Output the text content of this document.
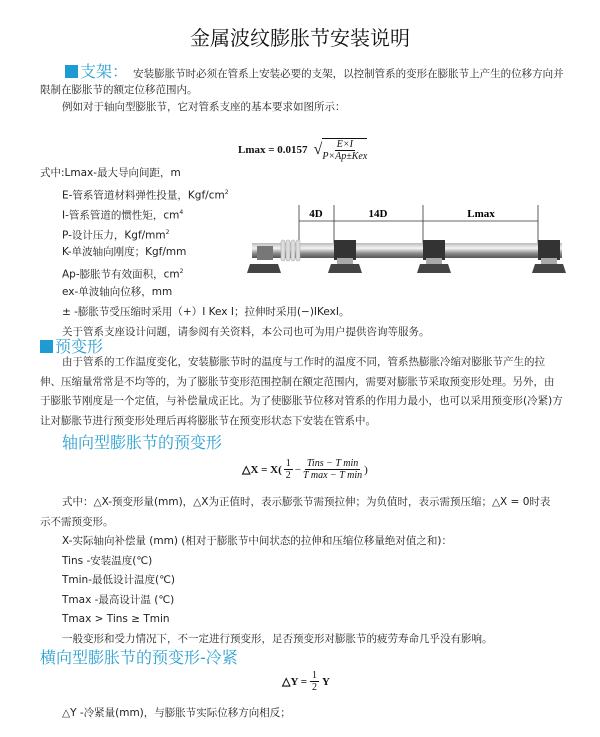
金属波纹膨胀节安装说明
支架： 安装膨胀节时必须在管系上安装必要的支架，以控制管系的变形在膨胀节上产生的位移方向并
限制在膨胀节的额定位移范围内。
例如对于轴向型膨胀节，它对管系支座的基本要求如图所示：
Lmax = 0.0157 √ $\frac{E\times I}{\text{P×Ap±Kex}}$
式中:Lmax-最大导向间距，m
E-管系管道材料弹性投量，Kgf/$cm^2$
I-管系管道的惯性矩，$cm^4$
P-设计压力，Kgf/$mm^2$
K-单波轴向刚度；Kgf/mm
Ap-膨胀节有效面积，$cm^2$
ex-单波轴向位移，mm
± -膨胀节受压缩时采用（+）I Kex I；拉伸时采用(−)IKexI。
关于管系支座设计问题，请参阅有关资料，本公司也可为用户提供咨询等服务。
4D	14D	Lmax
预变形
由于管系的工作温度变化，安装膨胀节时的温度与工作时的温度不同，管系热膨胀冷缩对膨胀节产生的拉
伸、压缩量常常是不均等的，为了膨胀节变形范围控制在额定范围内，需要对膨胀节采取预变形处理。另外，由
于膨胀节刚度是一个定值，与补偿量成正比。为了使膨胀节位移对管系的作用力最小，也可以采用预变形(冷紧)方
让对膨胀节进行预变形处理后再将膨胀节在预变形状态下安装在管系中。
轴向型膨胀节的预变形
△X = $X( \frac{1}{2} - \frac{\text{Tins − T min}}{\text{T max − T min}}$ )
式中：△X-预变形量(mm)，△X为正值时，表示膨张节需预拉伸；为负值时，表示需预压缩；△X = 0时表
示不需预变形。
X-实际轴向补偿量 (mm) (相对于膨胀节中间状态的拉伸和压缩位移量绝对值之和)：
Tins -安装温度(℃)
Tmin-最低设计温度(℃)
Tmax -最高设计温 (℃)
Tmax > Tins ≥ Tmin
一般变形和受力情况下，不一定进行预变形，足否预变形对膨胀节的疲劳寿命几乎没有影响。
横向型膨胀节的预变形-冷紧
△Y = $\frac{1}{2}$ Y
△Y -冷紧量(mm)，与膨胀节实际位移方向相反；
